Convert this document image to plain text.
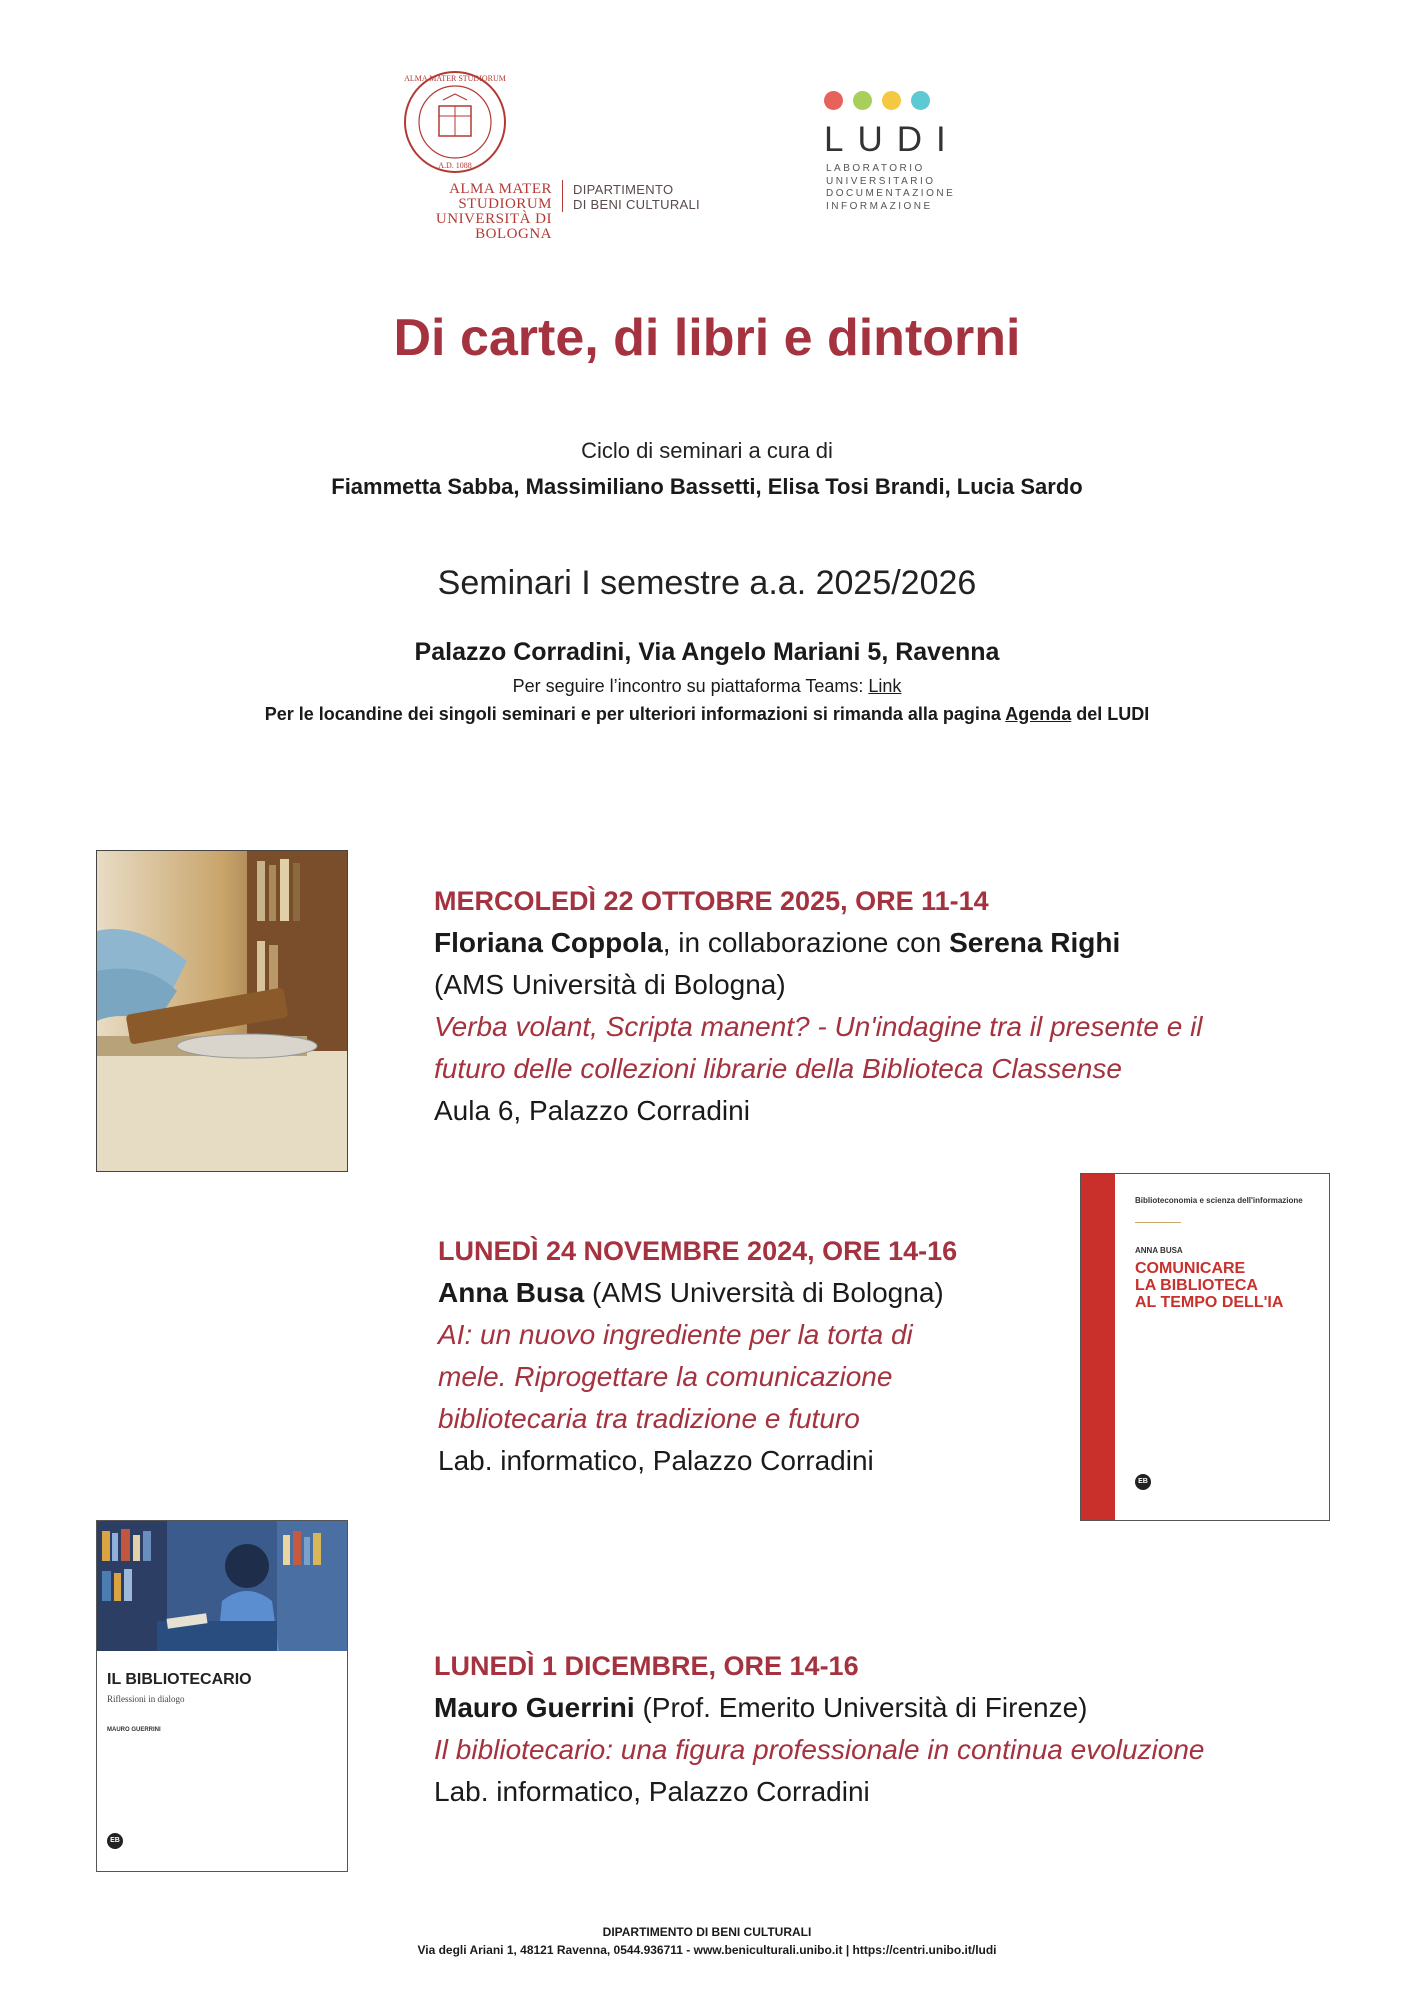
ALMA MATER STUDIORUM
A.D. 1088
ALMA MATER STUDIORUM
UNIVERSITÀ DI BOLOGNA
DIPARTIMENTO
DI BENI CULTURALI
LUDI
LABORATORIO
UNIVERSITARIO
DOCUMENTAZIONE
INFORMAZIONE
Di carte, di libri e dintorni
Ciclo di seminari a cura di
Fiammetta Sabba, Massimiliano Bassetti, Elisa Tosi Brandi, Lucia Sardo
Seminari I semestre a.a. 2025/2026
Palazzo Corradini, Via Angelo Mariani 5, Ravenna
Per seguire l’incontro su piattaforma Teams: Link
Per le locandine dei singoli seminari e per ulteriori informazioni si rimanda alla pagina Agenda del LUDI
MERCOLEDÌ 22 OTTOBRE 2025, ORE 11-14
Floriana Coppola, in collaborazione con Serena Righi
(AMS Università di Bologna)
Verba volant, Scripta manent? - Un'indagine tra il presente e il
futuro delle collezioni librarie della Biblioteca Classense
Aula 6, Palazzo Corradini
LUNEDÌ 24 NOVEMBRE 2024, ORE 14-16
Anna Busa (AMS Università di Bologna)
AI: un nuovo ingrediente per la torta di
mele. Riprogettare la comunicazione
bibliotecaria tra tradizione e futuro
Lab. informatico, Palazzo Corradini
Biblioteconomia e scienza dell'informazione
ANNA BUSA
COMUNICARE
LA BIBLIOTECA
AL TEMPO DELL'IA
EB
IL BIBLIOTECARIO
Riflessioni in dialogo
MAURO GUERRINI
EB
LUNEDÌ 1 DICEMBRE, ORE 14-16
Mauro Guerrini (Prof. Emerito Università di Firenze)
Il bibliotecario: una figura professionale in continua evoluzione
Lab. informatico, Palazzo Corradini
DIPARTIMENTO DI BENI CULTURALI
Via degli Ariani 1, 48121 Ravenna, 0544.936711 - www.beniculturali.unibo.it | https://centri.unibo.it/ludi
